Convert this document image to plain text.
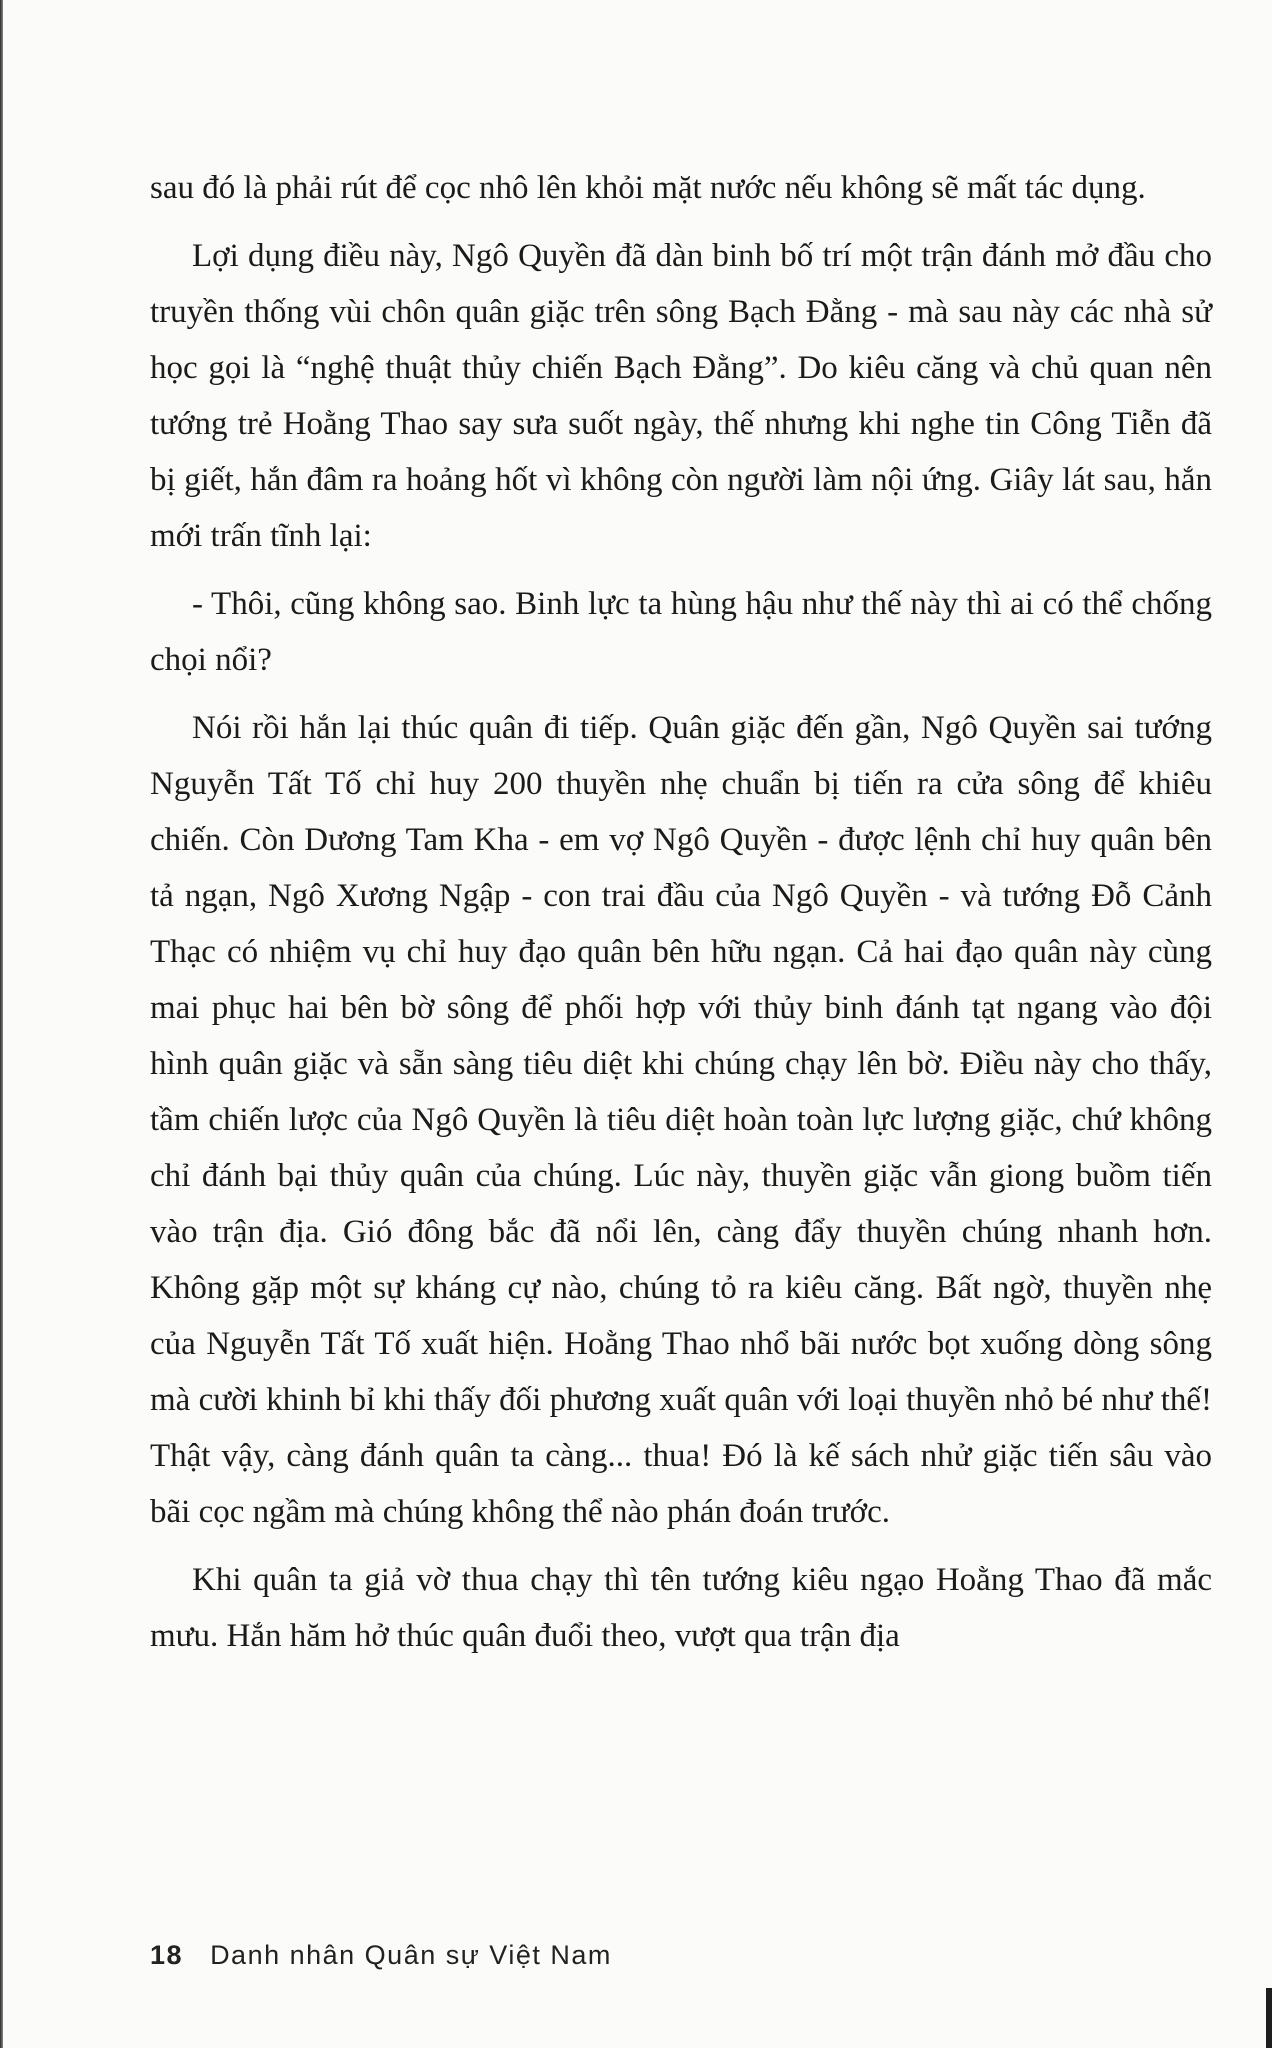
sau đó là phải rút để cọc nhô lên khỏi mặt nước nếu không sẽ mất tác dụng.

Lợi dụng điều này, Ngô Quyền đã dàn binh bố trí một trận đánh mở đầu cho truyền thống vùi chôn quân giặc trên sông Bạch Đằng - mà sau này các nhà sử học gọi là “nghệ thuật thủy chiến Bạch Đằng”. Do kiêu căng và chủ quan nên tướng trẻ Hoằng Thao say sưa suốt ngày, thế nhưng khi nghe tin Công Tiễn đã bị giết, hắn đâm ra hoảng hốt vì không còn người làm nội ứng. Giây lát sau, hắn mới trấn tĩnh lại:

- Thôi, cũng không sao. Binh lực ta hùng hậu như thế này thì ai có thể chống chọi nổi?

Nói rồi hắn lại thúc quân đi tiếp. Quân giặc đến gần, Ngô Quyền sai tướng Nguyễn Tất Tố chỉ huy 200 thuyền nhẹ chuẩn bị tiến ra cửa sông để khiêu chiến. Còn Dương Tam Kha - em vợ Ngô Quyền - được lệnh chỉ huy quân bên tả ngạn, Ngô Xương Ngập - con trai đầu của Ngô Quyền - và tướng Đỗ Cảnh Thạc có nhiệm vụ chỉ huy đạo quân bên hữu ngạn. Cả hai đạo quân này cùng mai phục hai bên bờ sông để phối hợp với thủy binh đánh tạt ngang vào đội hình quân giặc và sẵn sàng tiêu diệt khi chúng chạy lên bờ. Điều này cho thấy, tầm chiến lược của Ngô Quyền là tiêu diệt hoàn toàn lực lượng giặc, chứ không chỉ đánh bại thủy quân của chúng. Lúc này, thuyền giặc vẫn giong buồm tiến vào trận địa. Gió đông bắc đã nổi lên, càng đẩy thuyền chúng nhanh hơn. Không gặp một sự kháng cự nào, chúng tỏ ra kiêu căng. Bất ngờ, thuyền nhẹ của Nguyễn Tất Tố xuất hiện. Hoằng Thao nhổ bãi nước bọt xuống dòng sông mà cười khinh bỉ khi thấy đối phương xuất quân với loại thuyền nhỏ bé như thế! Thật vậy, càng đánh quân ta càng... thua! Đó là kế sách nhử giặc tiến sâu vào bãi cọc ngầm mà chúng không thể nào phán đoán trước.

Khi quân ta giả vờ thua chạy thì tên tướng kiêu ngạo Hoằng Thao đã mắc mưu. Hắn hăm hở thúc quân đuổi theo, vượt qua trận địa

18 Danh nhân Quân sự Việt Nam
